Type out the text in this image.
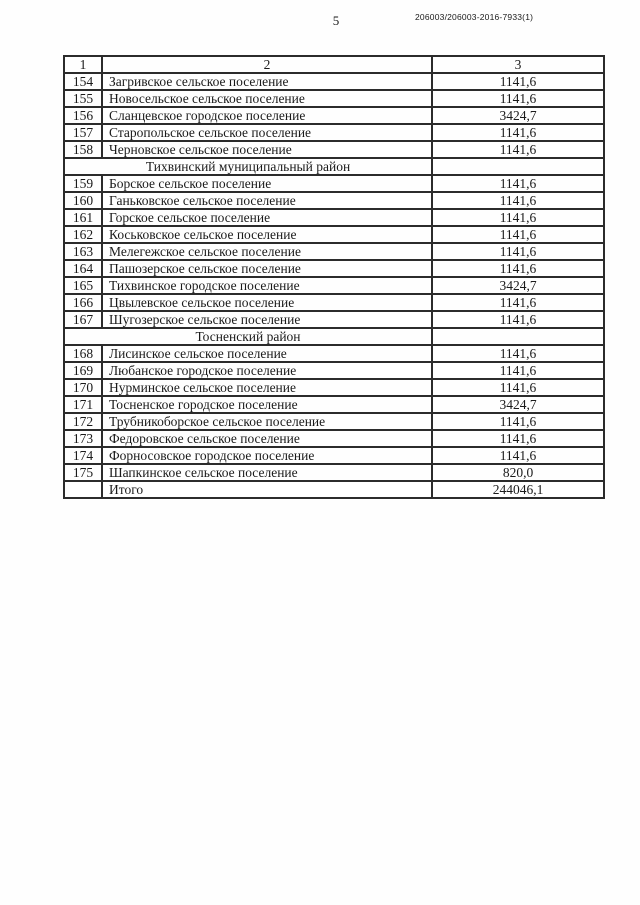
5	206003/206003-2016-7933(1)
1	2	3
154	Загривское сельское поселение	1141,6
155	Новосельское сельское поселение	1141,6
156	Сланцевское городское поселение	3424,7
157	Старопольское сельское поселение	1141,6
158	Черновское сельское поселение	1141,6
Тихвинский муниципальный район		
159	Борское сельское поселение	1141,6
160	Ганьковское сельское поселение	1141,6
161	Горское сельское поселение	1141,6
162	Коськовское сельское поселение	1141,6
163	Мелегежское сельское поселение	1141,6
164	Пашозерское сельское поселение	1141,6
165	Тихвинское городское поселение	3424,7
166	Цвылевское сельское поселение	1141,6
167	Шугозерское сельское поселение	1141,6
Тосненский район		
168	Лисинское сельское поселение	1141,6
169	Любанское городское поселение	1141,6
170	Нурминское сельское поселение	1141,6
171	Тосненское городское поселение	3424,7
172	Трубникоборское сельское поселение	1141,6
173	Федоровское сельское поселение	1141,6
174	Форносовское городское поселение	1141,6
175	Шапкинское сельское поселение	820,0
	Итого	244046,1
